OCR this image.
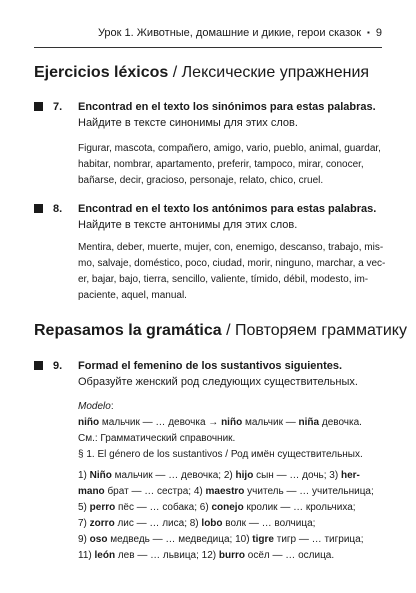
Урок 1. Животные, домашние и дикие, герои сказок ▪ 9
Ejercicios léxicos / Лексические упражнения
7. Encontrad en el texto los sinónimos para estas palabras.
Найдите в тексте синонимы для этих слов.
Figurar, mascota, compañero, amigo, vario, pueblo, animal, guardar,
habitar, nombrar, apartamento, preferir, tampoco, mirar, conocer,
bañarse, decir, gracioso, personaje, relato, chico, cruel.
8. Encontrad en el texto los antónimos para estas palabras.
Найдите в тексте антонимы для этих слов.
Mentira, deber, muerte, mujer, con, enemigo, descanso, trabajo, mis-
mo, salvaje, doméstico, poco, ciudad, morir, ninguno, marchar, a vec-
er, bajar, bajo, tierra, sencillo, valiente, tímido, débil, modesto, im-
paciente, aquel, manual.
Repasamos la gramática / Повторяем грамматику
9. Formad el femenino de los sustantivos siguientes.
Образуйте женский род следующих существительных.
Modelo:
niño мальчик — … девочка → niño мальчик — niña девочка.
См.: Грамматический справочник.
§ 1. El género de los sustantivos / Род имён существительных.
1) Niño мальчик — … девочка; 2) hijo сын — … дочь; 3) her-
mano брат — … сестра; 4) maestro учитель — … учительница;
5) perro пёс — … собака; 6) conejo кролик — … крольчиха;
7) zorro лис — … лиса; 8) lobo волк — … волчица;
9) oso медведь — … медведица; 10) tigre тигр — … тигрица;
11) león лев — … львица; 12) burro осёл — … ослица.
